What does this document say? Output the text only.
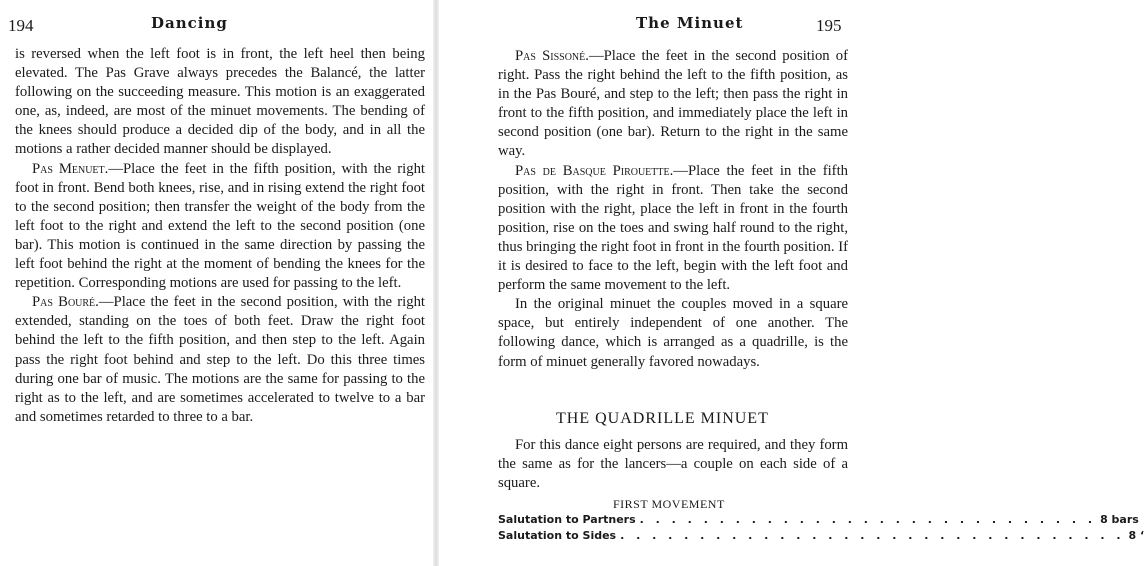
194	Dancing

is reversed when the left foot is in front, the left heel then being elevated. The Pas Grave always precedes the Balancé, the latter following on the succeeding measure. This motion is an exaggerated one, as, indeed, are most of the minuet movements. The bending of the knees should produce a decided dip of the body, and in all the motions a rather decided manner should be displayed.

Pas Menuet.—Place the feet in the fifth position, with the right foot in front. Bend both knees, rise, and in rising extend the right foot to the second position; then transfer the weight of the body from the left foot to the right and extend the left to the second position (one bar). This motion is continued in the same direction by passing the left foot behind the right at the moment of bending the knees for the repetition. Corresponding motions are used for passing to the left.

Pas Bouré.—Place the feet in the second position, with the right extended, standing on the toes of both feet. Draw the right foot behind the left to the fifth position, and then step to the left. Again pass the right foot behind and step to the left. Do this three times during one bar of music. The motions are the same for passing to the right as to the left, and are sometimes accelerated to twelve to a bar and sometimes retarded to three to a bar.

The Minuet	195

Pas Sissoné.—Place the feet in the second position of right. Pass the right behind the left to the fifth position, as in the Pas Bouré, and step to the left; then pass the right in front to the fifth position, and immediately place the left in second position (one bar). Return to the right in the same way.

Pas de Basque Pirouette.—Place the feet in the fifth position, with the right in front. Then take the second position with the right, place the left in front in the fourth position, rise on the toes and swing half round to the right, thus bringing the right foot in front in the fourth position. If it is desired to face to the left, begin with the left foot and perform the same movement to the left.

In the original minuet the couples moved in a square space, but entirely independent of one another. The following dance, which is arranged as a quadrille, is the form of minuet generally favored nowadays.

THE QUADRILLE MINUET

For this dance eight persons are required, and they form the same as for the lancers—a couple on each side of a square.

FIRST MOVEMENT
Salutation to Partners . . . . . . . . . . . . . . . . . . . . . . . . . . . . . 8 bars
Salutation to Sides . . . . . . . . . . . . . . . . . . . . . . . . . . . . . . . . 8 ‘
